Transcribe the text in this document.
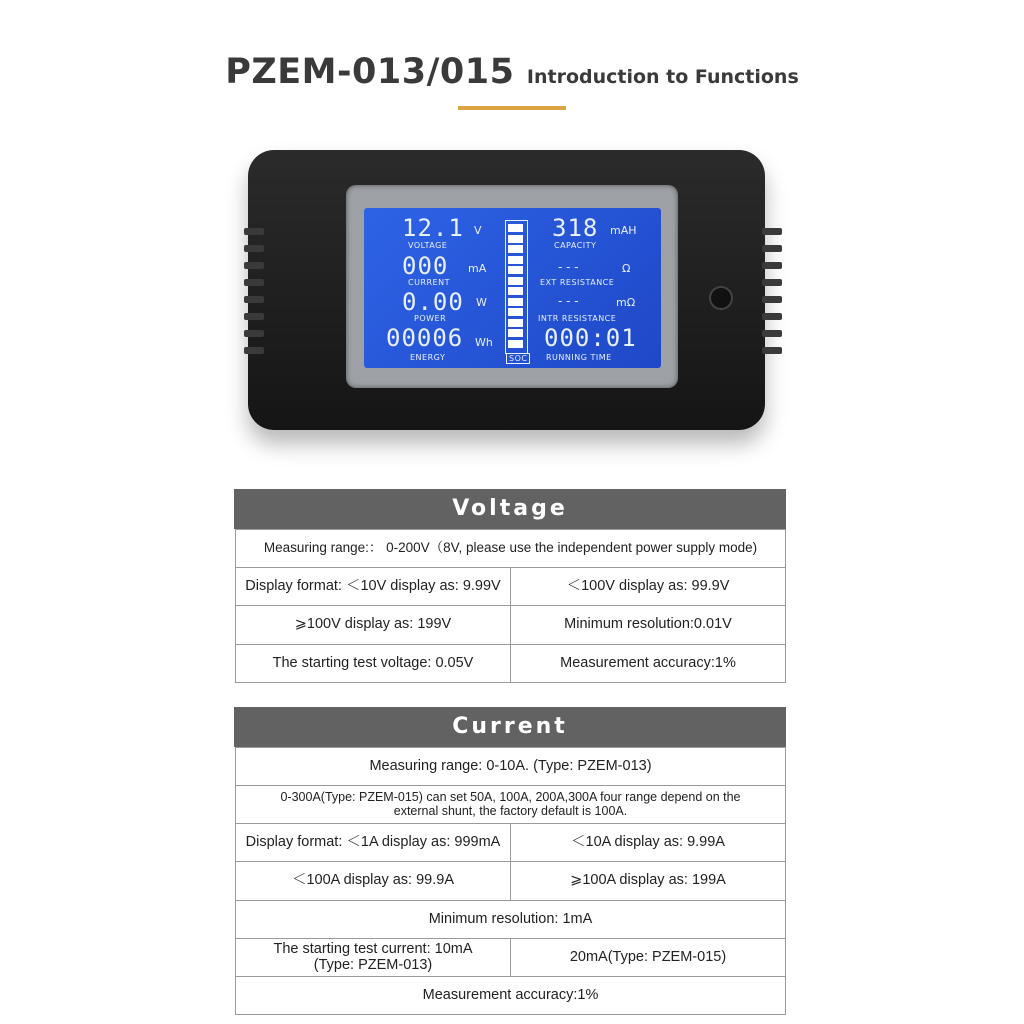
PZEM-013/015 Introduction to Functions
12.1 V
VOLTAGE
000 mA
CURRENT
0.00 W
POWER
00006 Wh
ENERGY	SOC
318 mAH
CAPACITY
- - -	Ω
EXT RESISTANCE
- - -	mΩ
INTR RESISTANCE
000:01
RUNNING TIME
Voltage
Measuring range:： 0-200V（8V, please use the independent power supply mode)
Display format: ＜10V display as: 9.99V	＜100V display as: 99.9V
⩾100V display as: 199V	Minimum resolution:0.01V
The starting test voltage: 0.05V	Measurement accuracy:1%
Current
Measuring range: 0-10A. (Type: PZEM-013)
0-300A(Type: PZEM-015) can set 50A, 100A, 200A,300A four range depend on the external shunt, the factory default is 100A.
Display format: ＜1A display as: 999mA	＜10A display as: 9.99A
＜100A display as: 99.9A	⩾100A display as: 199A
Minimum resolution: 1mA
The starting test current: 10mA (Type: PZEM-013)	20mA(Type: PZEM-015)
Measurement accuracy:1%
